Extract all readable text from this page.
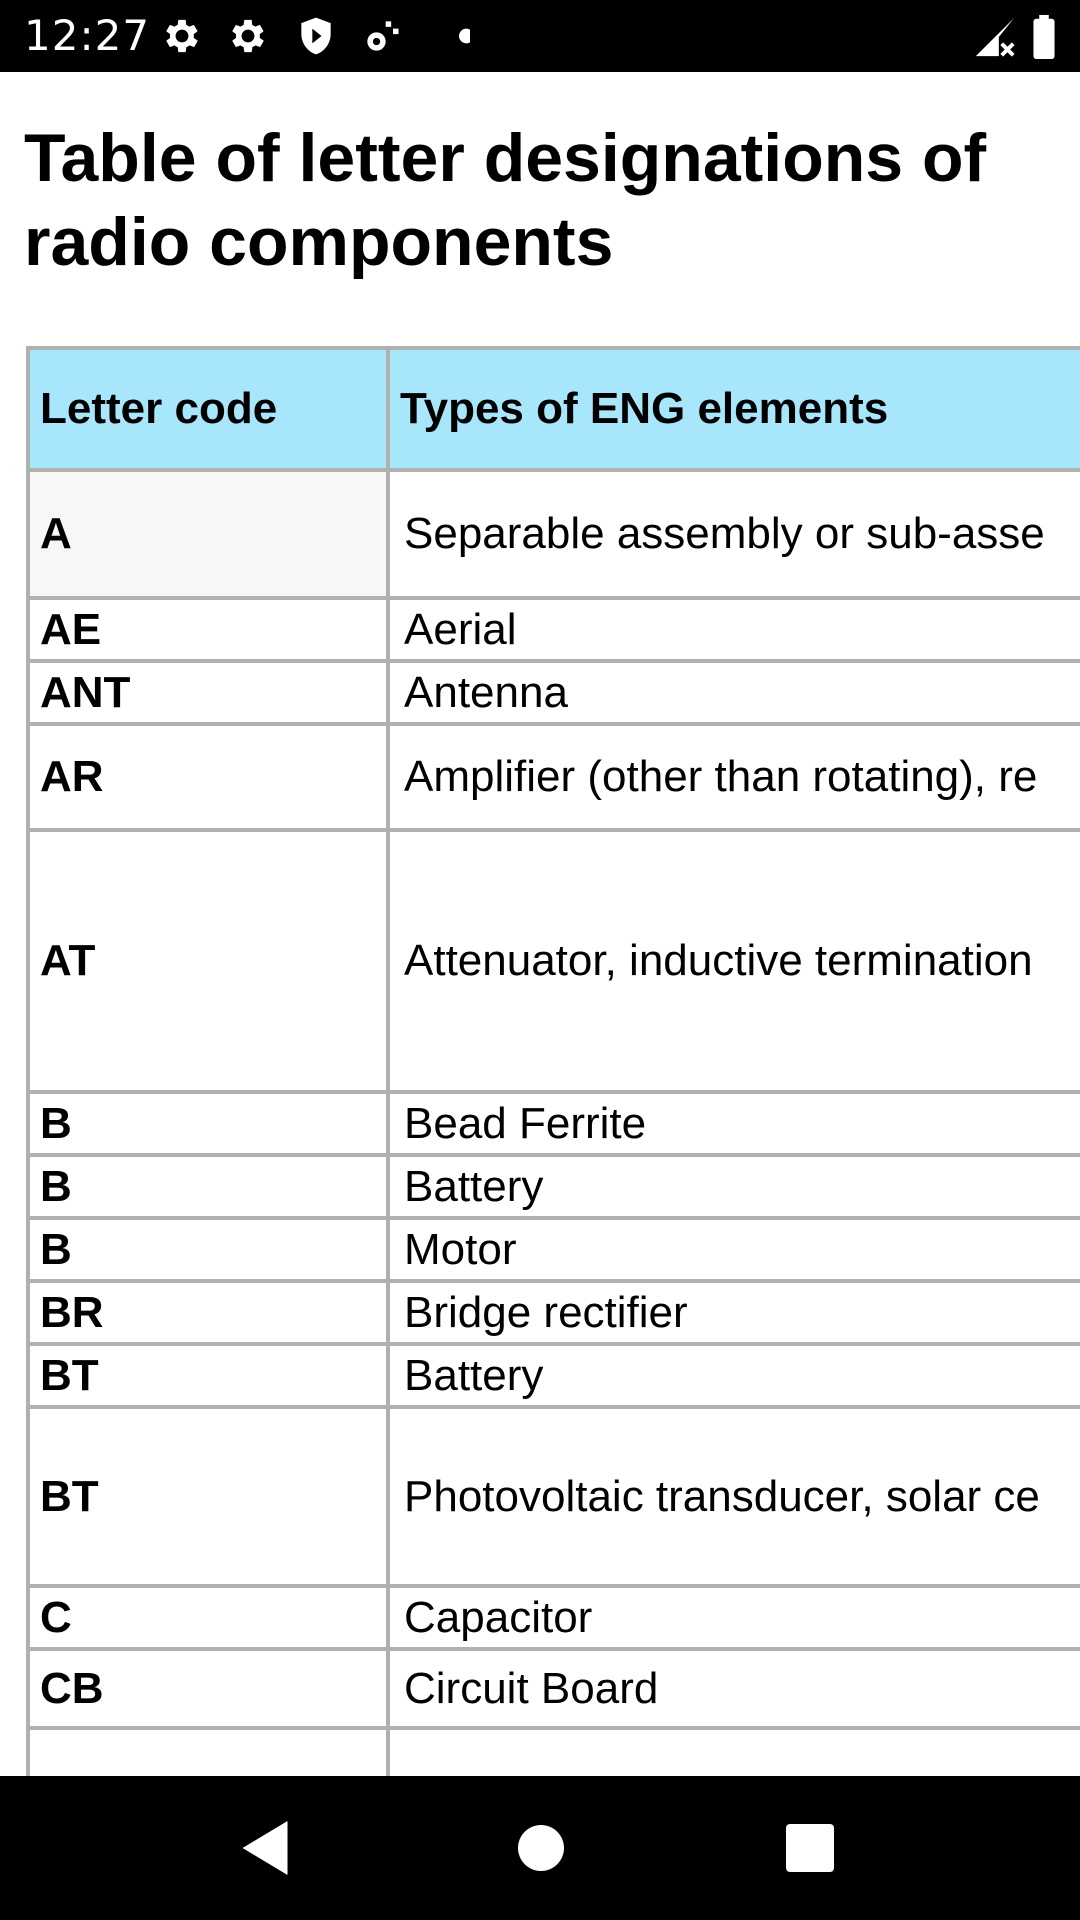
12:27
Table of letter designations of radio components
Letter code	Types of ENG elements
A	Separable assembly or sub-asse
AE	Aerial
ANT	Antenna
AR	Amplifier (other than rotating), re
AT	Attenuator, inductive termination
B	Bead Ferrite
B	Battery
B	Motor
BR	Bridge rectifier
BT	Battery
BT	Photovoltaic transducer, solar ce
C	Capacitor
CB	Circuit Board
